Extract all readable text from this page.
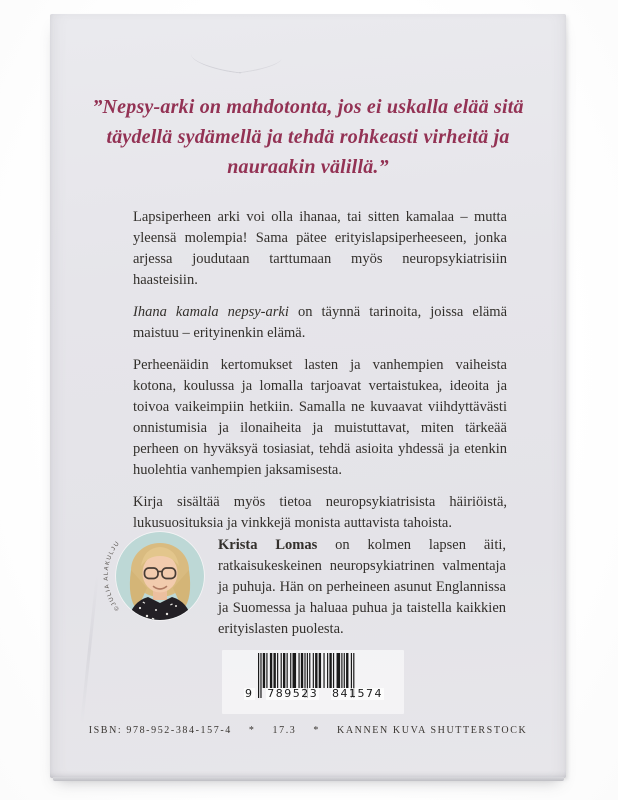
”Nepsy-arki on mahdotonta, jos ei uskalla elää sitä täydellä sydämellä ja tehdä rohkeasti virheitä ja nauraakin välillä.”

Lapsiperheen arki voi olla ihanaa, tai sitten kamalaa – mutta yleensä molempia! Sama pätee erityislapsiperheeseen, jonka arjessa joudutaan tarttumaan myös neuropsykiatrisiin haasteisiin.

Ihana kamala nepsy-arki on täynnä tarinoita, joissa elämä maistuu – erityinenkin elämä.

Perheenäidin kertomukset lasten ja vanhempien vaiheista kotona, koulussa ja lomalla tarjoavat vertaistukea, ideoita ja toivoa vaikeimpiin hetkiin. Samalla ne kuvaavat viihdyttävästi onnistumisia ja ilonaiheita ja muistuttavat, miten tärkeää perheen on hyväksyä tosiasiat, tehdä asioita yhdessä ja etenkin huolehtia vanhempien jaksamisesta.

Kirja sisältää myös tietoa neuropsykiatrisista häiriöistä, lukusuosituksia ja vinkkejä monista auttavista tahoista.

©JULIA ALAKULJU	Krista Lomas on kolmen lapsen äiti, ratkaisukeskeinen neuropsykiatrinen valmentaja ja puhuja. Hän on perheineen asunut Englannissa ja Suomessa ja haluaa puhua ja taistella kaikkien erityislasten puolesta.
9 789523 841574
ISBN: 978-952-384-157-4 * 17.3 * KANNEN KUVA SHUTTERSTOCK
